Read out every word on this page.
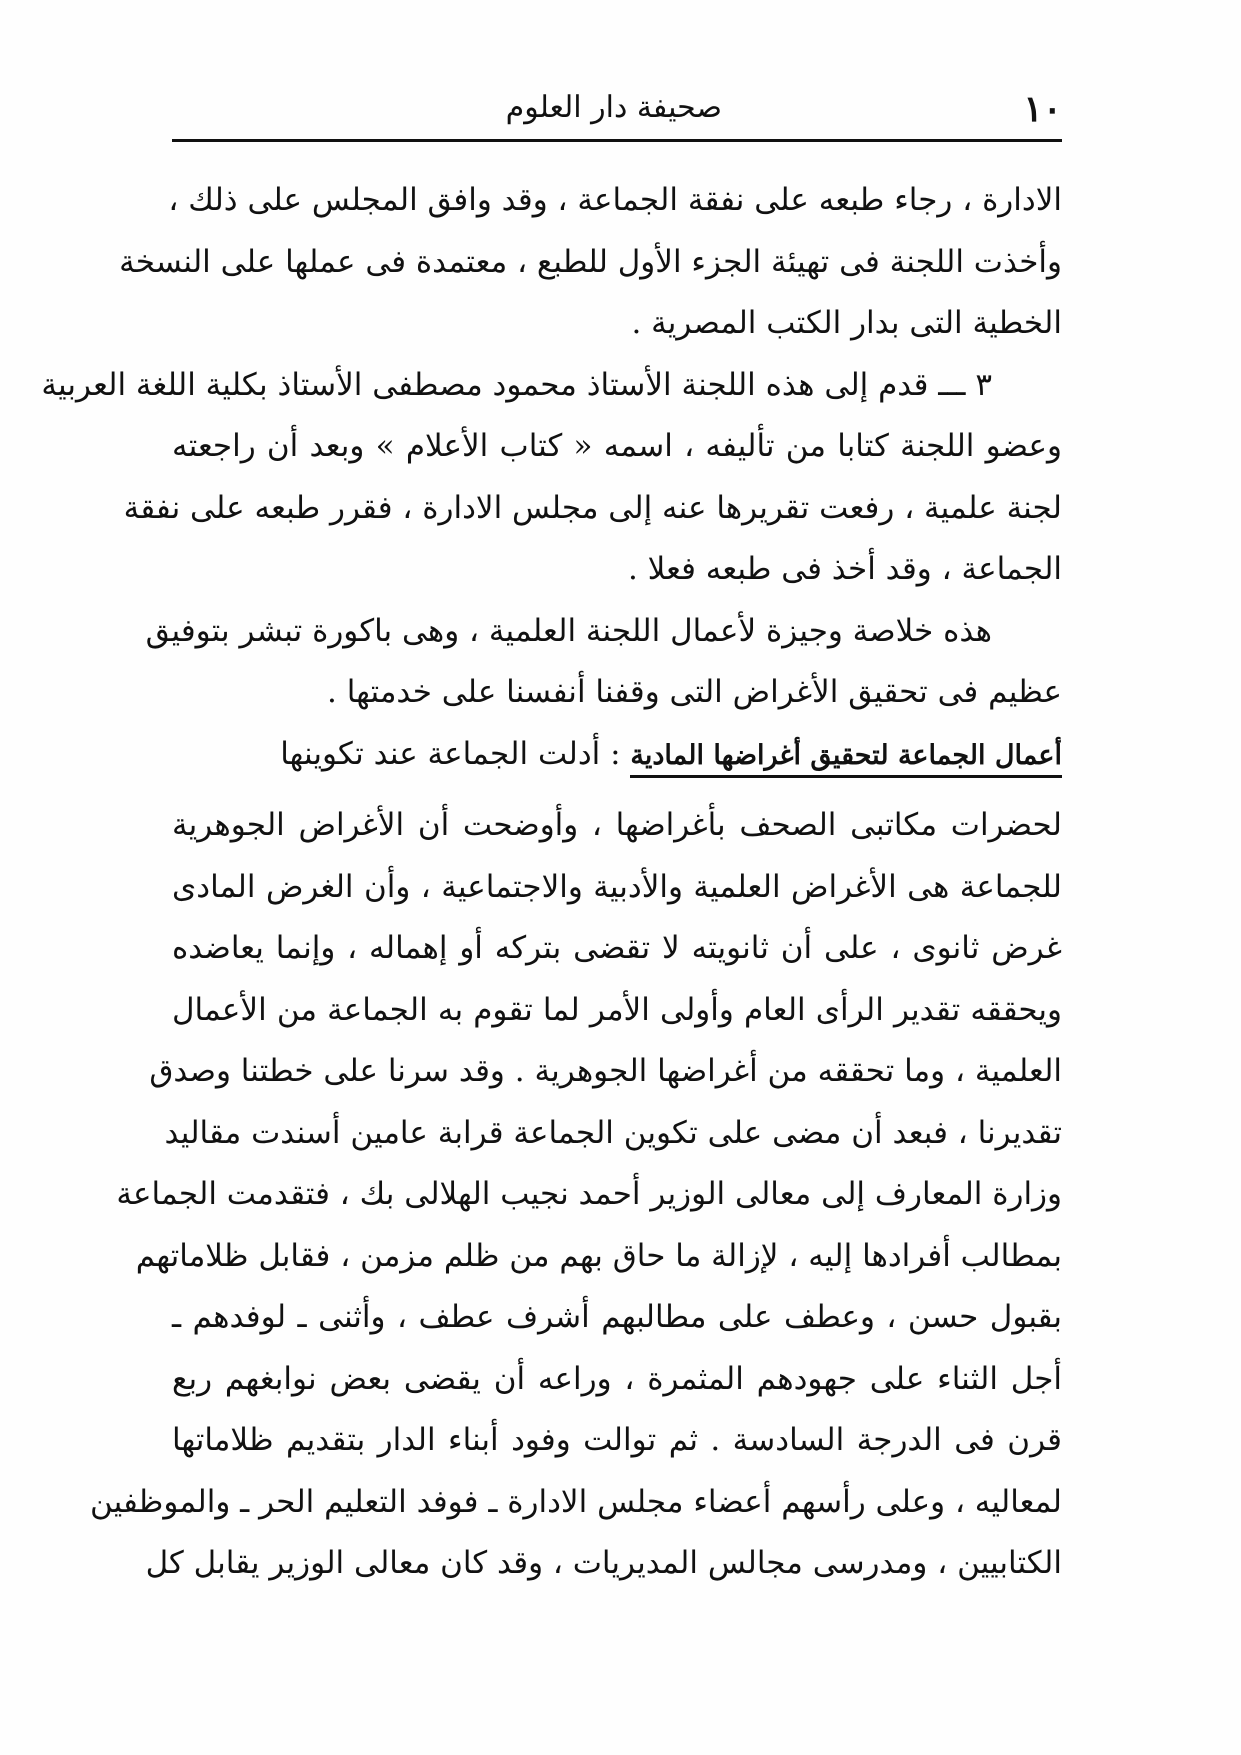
١٠
صحيفة دار العلوم
الادارة ، رجاء طبعه على نفقة الجماعة ، وقد وافق المجلس على ذلك ،
وأخذت اللجنة فى تهيئة الجزء الأول للطبع ، معتمدة فى عملها على النسخة
الخطية التى بدار الكتب المصرية .
٣ ـــ قدم إلى هذه اللجنة الأستاذ محمود مصطفى الأستاذ بكلية اللغة العربية
وعضو اللجنة كتابا من تأليفه ، اسمه « كتاب الأعلام » وبعد أن راجعته
لجنة علمية ، رفعت تقريرها عنه إلى مجلس الادارة ، فقرر طبعه على نفقة
الجماعة ، وقد أخذ فى طبعه فعلا .
هذه خلاصة وجيزة لأعمال اللجنة العلمية ، وهى باكورة تبشر بتوفيق
عظيم فى تحقيق الأغراض التى وقفنا أنفسنا على خدمتها .
أعمال الجماعة لتحقيق أغراضها المادية : أدلت الجماعة عند تكوينها
لحضرات مكاتبى الصحف بأغراضها ، وأوضحت أن الأغراض الجوهرية
للجماعة هى الأغراض العلمية والأدبية والاجتماعية ، وأن الغرض المادى
غرض ثانوى ، على أن ثانويته لا تقضى بتركه أو إهماله ، وإنما يعاضده
ويحققه تقدير الرأى العام وأولى الأمر لما تقوم به الجماعة من الأعمال
العلمية ، وما تحققه من أغراضها الجوهرية . وقد سرنا على خطتنا وصدق
تقديرنا ، فبعد أن مضى على تكوين الجماعة قرابة عامين أسندت مقاليد
وزارة المعارف إلى معالى الوزير أحمد نجيب الهلالى بك ، فتقدمت الجماعة
بمطالب أفرادها إليه ، لإزالة ما حاق بهم من ظلم مزمن ، فقابل ظلاماتهم
بقبول حسن ، وعطف على مطالبهم أشرف عطف ، وأثنى ـ لوفدهم ـ
أجل الثناء على جهودهم المثمرة ، وراعه أن يقضى بعض نوابغهم ربع
قرن فى الدرجة السادسة . ثم توالت وفود أبناء الدار بتقديم ظلاماتها
لمعاليه ، وعلى رأسهم أعضاء مجلس الادارة ـ فوفد التعليم الحر ـ والموظفين
الكتابيين ، ومدرسى مجالس المديريات ، وقد كان معالى الوزير يقابل كل
